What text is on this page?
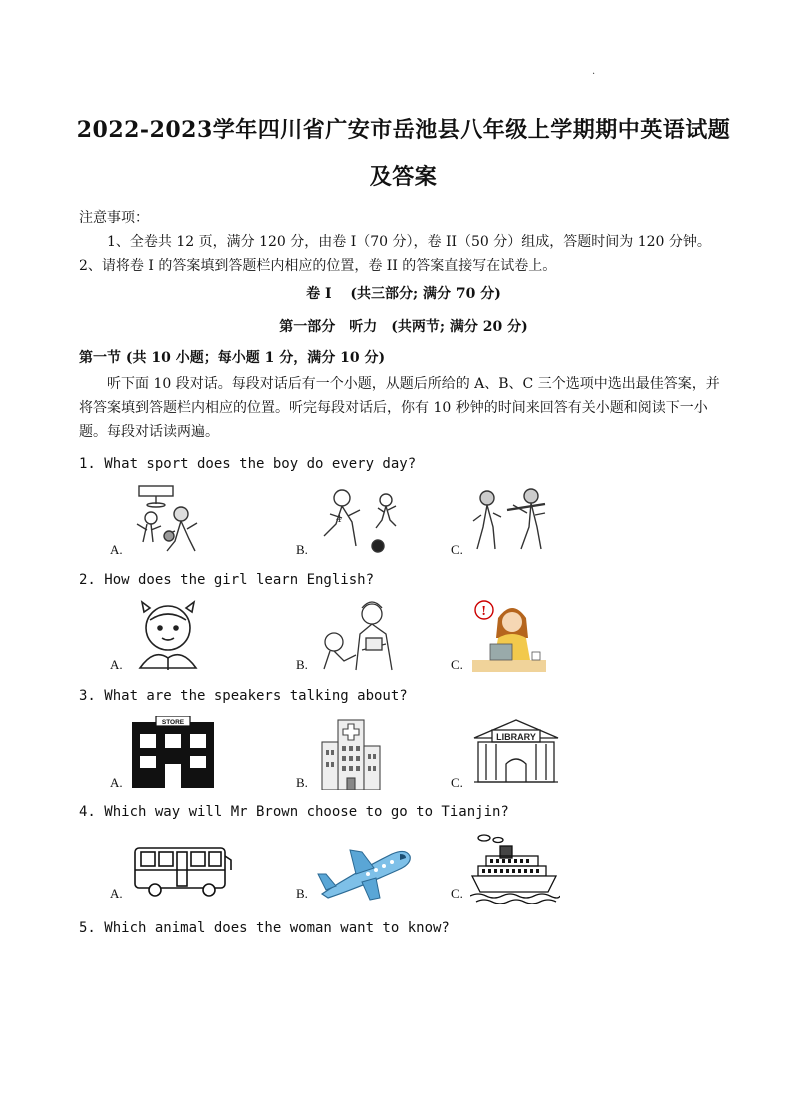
.
2022-2023学年四川省广安市岳池县八年级上学期期中英语试题
及答案
注意事项：
1、全卷共 12 页，满分 120 分，由卷 I（70 分），卷 II（50 分）组成，答题时间为 120 分钟。
2、请将卷 I 的答案填到答题栏内相应的位置，卷 II 的答案直接写在试卷上。
卷 I　 (共三部分; 满分 70 分)
第一部分　听力　(共两节; 满分 20 分)
第一节 (共 10 小题；每小题 1 分，满分 10 分)
听下面 10 段对话。每段对话后有一个小题，从题后所给的 A、B、C 三个选项中选出最佳答案，并将答案填到答题栏内相应的位置。听完每段对话后，你有 10 秒钟的时间来回答有关小题和阅读下一小题。每段对话读两遍。
1. What sport does the boy do every day?
A.	B.
4
C.
2. How does the girl learn English?
A.	B.	C.
!
3. What are the speakers talking about?
A.
STORE
B.	C.
LIBRARY
4. Which way will Mr Brown choose to go to Tianjin?
A.	B.	C.
5. Which animal does the woman want to know?
